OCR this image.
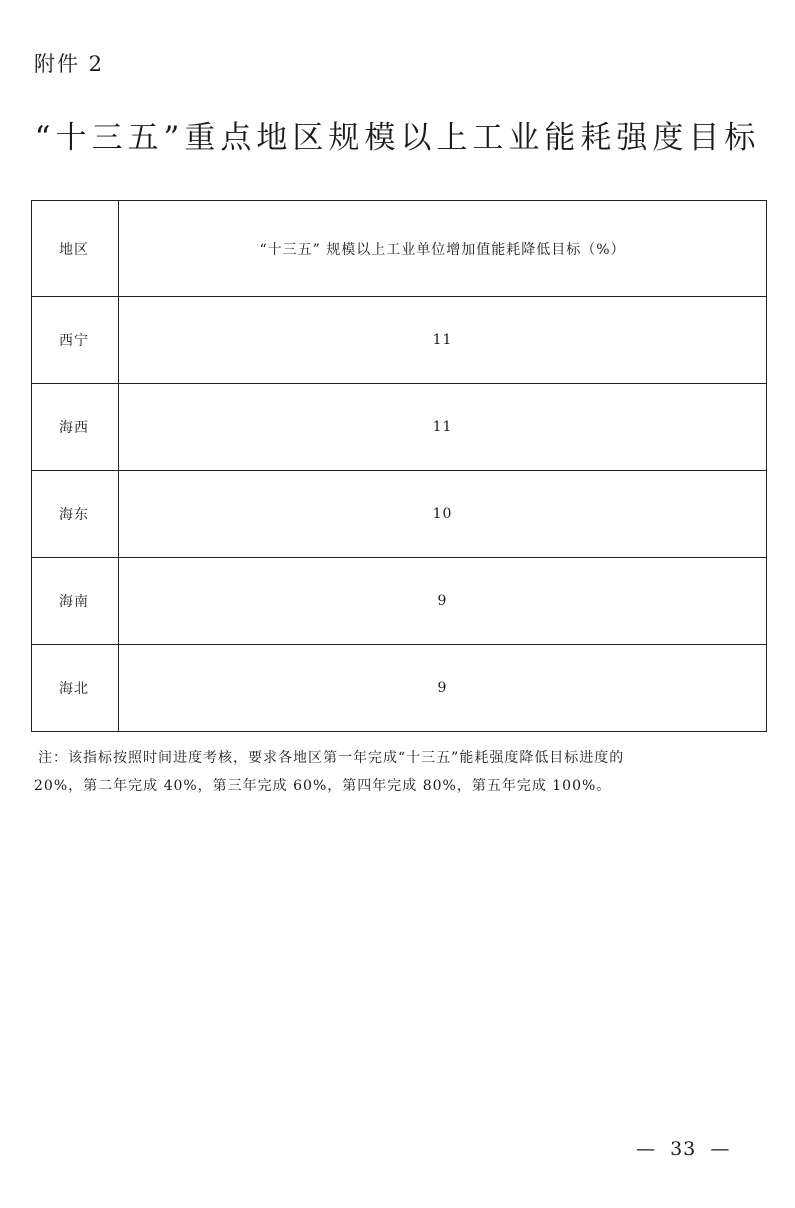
附件 2
“十三五”重点地区规模以上工业能耗强度目标
地区	“十三五” 规模以上工业单位增加值能耗降低目标（%）
西宁	11
海西	11
海东	10
海南	9
海北	9
注：该指标按照时间进度考核，要求各地区第一年完成“十三五”能耗强度降低目标进度的
20%，第二年完成 40%，第三年完成 60%，第四年完成 80%，第五年完成 100%。
—  33  —
